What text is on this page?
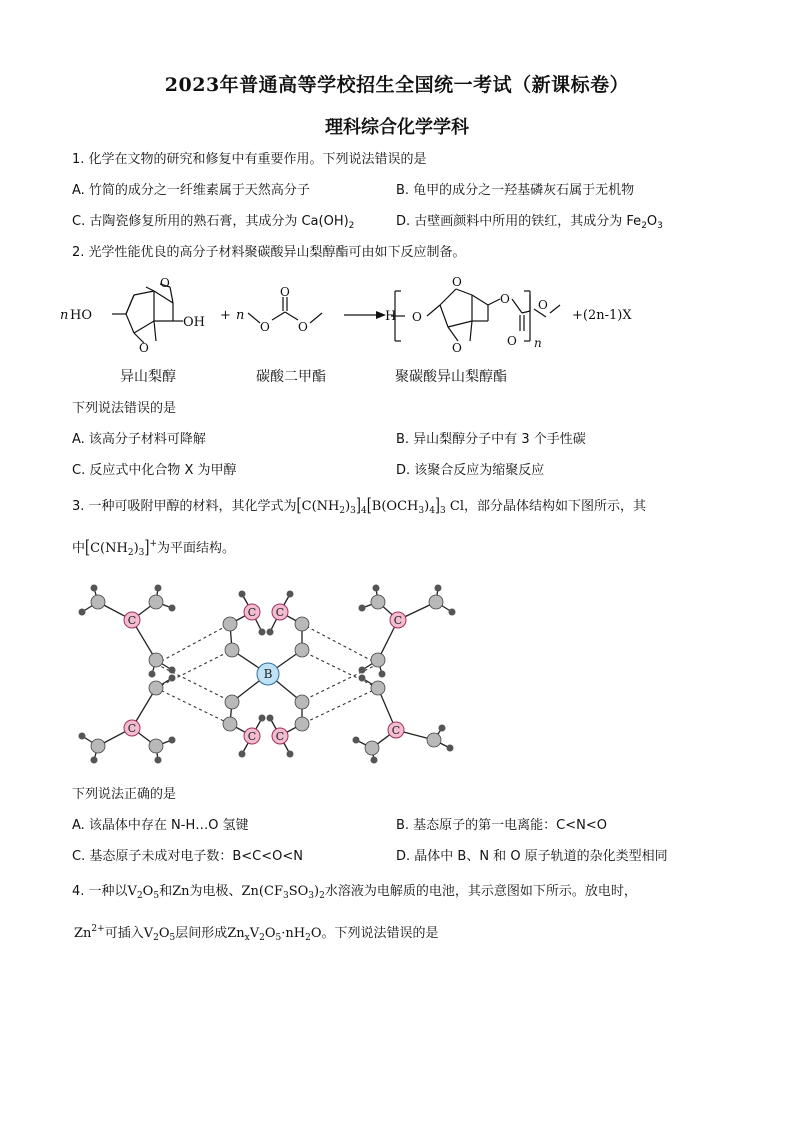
2023年普通高等学校招生全国统一考试（新课标卷）
理科综合化学学科
1. 化学在文物的研究和修复中有重要作用。下列说法错误的是
A. 竹简的成分之一纤维素属于天然高分子	B. 龟甲的成分之一羟基磷灰石属于无机物
C. 古陶瓷修复所用的熟石膏，其成分为 $Ca(OH)_2$	D. 古壁画颜料中所用的铁红，其成分为 $Fe_2O_3$
2. 光学性能优良的高分子材料聚碳酸异山梨醇酯可由如下反应制备。
n HO	OH
O
O
+ n
O O
O
H O
O
O
O
O n
O
+(2n-1)X
异山梨醇	碳酸二甲酯	聚碳酸异山梨醇酯
下列说法错误的是
A. 该高分子材料可降解	B. 异山梨醇分子中有 3 个手性碳
C. 反应式中化合物 X 为甲醇	D. 该聚合反应为缩聚反应
3. 一种可吸附甲醇的材料，其化学式为$[C(NH_2)_3]_4[B(OCH_3)_4]_3$ Cl，部分晶体结构如下图所示，其
中$[C(NH_2)_3]^+$为平面结构。
C
C
C C
C C
C
C
B
下列说法正确的是
A. 该晶体中存在 N-H…O 氢键	B. 基态原子的第一电离能：C<N<O
C. 基态原子未成对电子数：B<C<O<N	D. 晶体中 B、N 和 O 原子轨道的杂化类型相同
4. 一种以$V_2O_5$和Zn为电极、$Zn(CF_3SO_3)_2$水溶液为电解质的电池，其示意图如下所示。放电时，
$Zn^{2+}$可插入$V_2O_5$层间形成$Zn_xV_2O_5\cdot nH_2O$。下列说法错误的是
